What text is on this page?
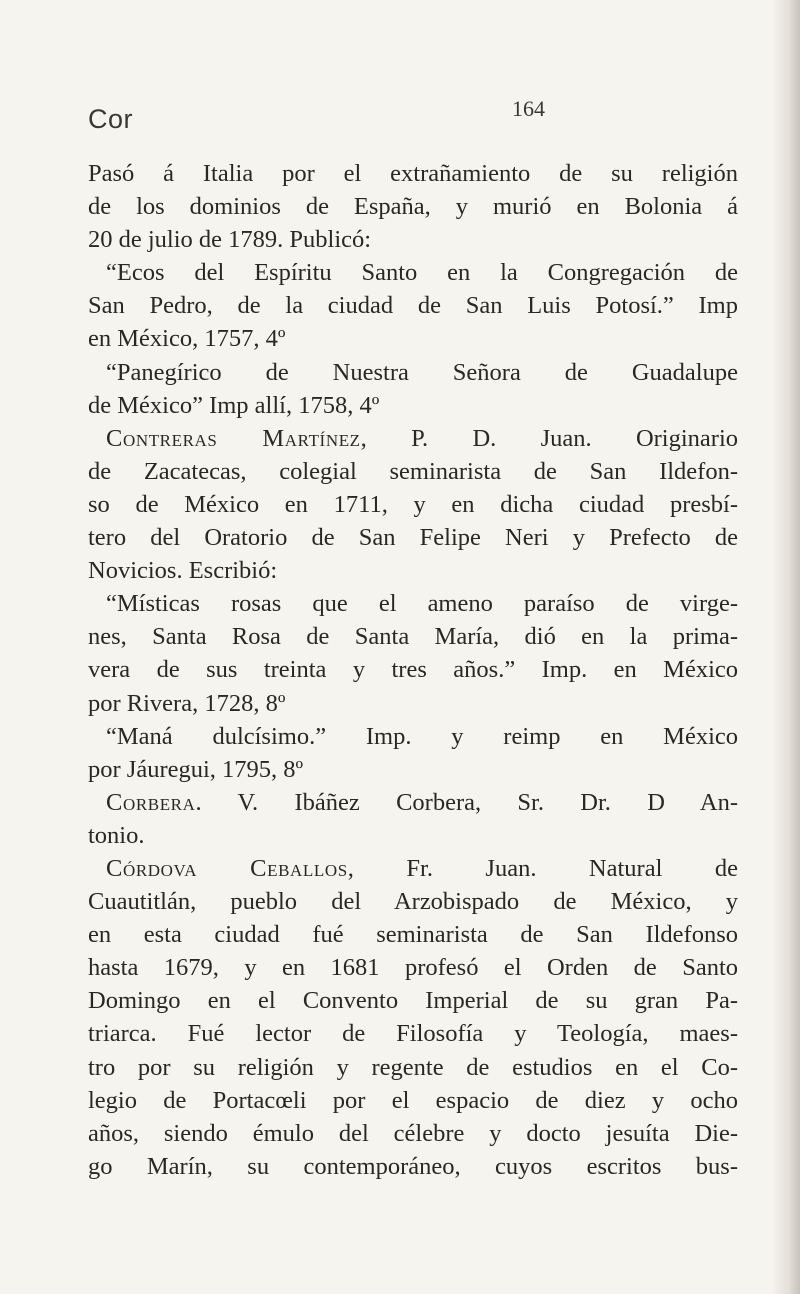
Cor	164
Pasó á Italia por el extrañamiento de su religión
de los dominios de España, y murió en Bolonia á
20 de julio de 1789. Publicó:
“Ecos del Espíritu Santo en la Congregación de
San Pedro, de la ciudad de San Luis Potosí.” Imp
en México, 1757, 4º
“Panegírico de Nuestra Señora de Guadalupe
de México” Imp allí, 1758, 4º
Contreras Martínez, P. D. Juan. Originario
de Zacatecas, colegial seminarista de San Ildefon-
so de México en 1711, y en dicha ciudad presbí-
tero del Oratorio de San Felipe Neri y Prefecto de
Novicios. Escribió:
“Místicas rosas que el ameno paraíso de virge-
nes, Santa Rosa de Santa María, dió en la prima-
vera de sus treinta y tres años.” Imp. en México
por Rivera, 1728, 8º
“Maná dulcísimo.” Imp. y reimp en México
por Jáuregui, 1795, 8º
Corbera. V. Ibáñez Corbera, Sr. Dr. D An-
tonio.
Córdova Ceballos, Fr. Juan. Natural de
Cuautitlán, pueblo del Arzobispado de México, y
en esta ciudad fué seminarista de San Ildefonso
hasta 1679, y en 1681 profesó el Orden de Santo
Domingo en el Convento Imperial de su gran Pa-
triarca. Fué lector de Filosofía y Teología, maes-
tro por su religión y regente de estudios en el Co-
legio de Portacœli por el espacio de diez y ocho
años, siendo émulo del célebre y docto jesuíta Die-
go Marín, su contemporáneo, cuyos escritos bus-
